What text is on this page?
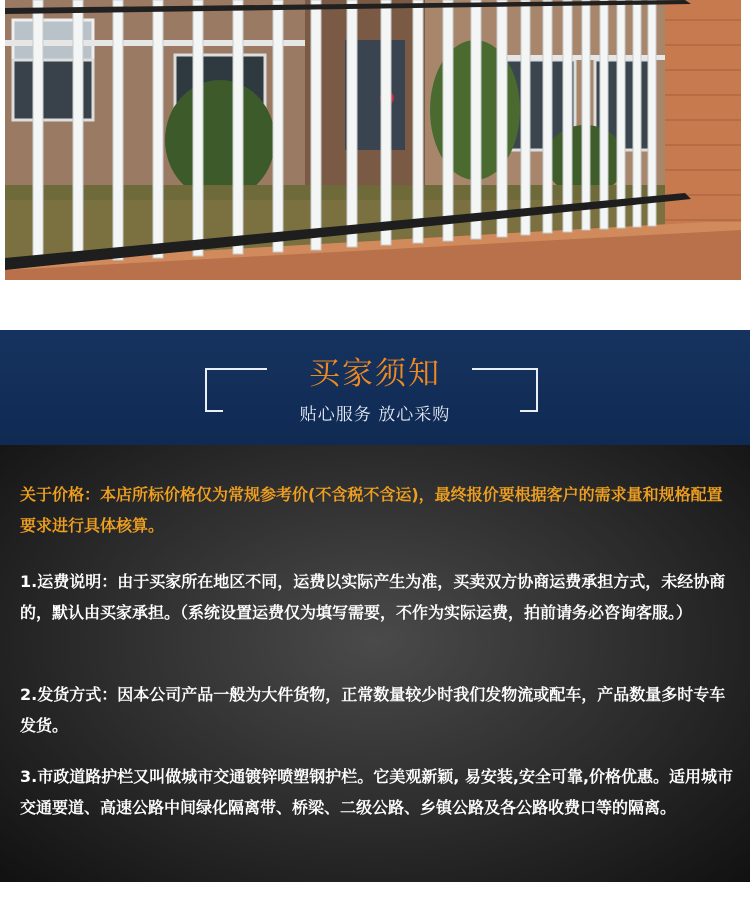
买家须知
贴心服务 放心采购

关于价格：本店所标价格仅为常规参考价(不含税不含运)，最终报价要根据客户的需求量和规格配置要求进行具体核算。

1.运费说明：由于买家所在地区不同，运费以实际产生为准，买卖双方协商运费承担方式，未经协商的，默认由买家承担。（系统设置运费仅为填写需要，不作为实际运费，拍前请务必咨询客服。）

2.发货方式：因本公司产品一般为大件货物，正常数量较少时我们发物流或配车，产品数量多时专车发货。

3.市政道路护栏又叫做城市交通镀锌喷塑钢护栏。它美观新颖, 易安装,安全可靠,价格优惠。适用城市交通要道、高速公路中间绿化隔离带、桥梁、二级公路、乡镇公路及各公路收费口等的隔离。
